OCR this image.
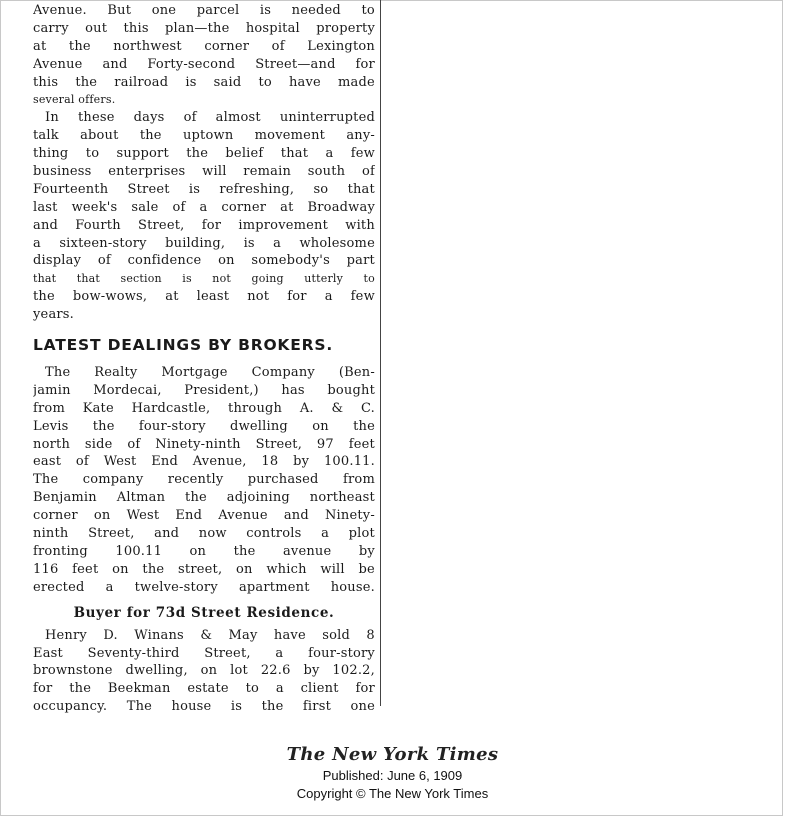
Avenue. But one parcel is needed to
carry out this plan—the hospital property
at the northwest corner of Lexington
Avenue and Forty-second Street—and for
this the railroad is said to have made
several offers.
In these days of almost uninterrupted
talk about the uptown movement any-
thing to support the belief that a few
business enterprises will remain south of
Fourteenth Street is refreshing, so that
last week's sale of a corner at Broadway
and Fourth Street, for improvement with
a sixteen-story building, is a wholesome
display of confidence on somebody's part
that that section is not going utterly to
the bow-wows, at least not for a few
years.
LATEST DEALINGS BY BROKERS.
The Realty Mortgage Company (Ben-
jamin Mordecai, President,) has bought
from Kate Hardcastle, through A. & C.
Levis the four-story dwelling on the
north side of Ninety-ninth Street, 97 feet
east of West End Avenue, 18 by 100.11.
The company recently purchased from
Benjamin Altman the adjoining northeast
corner on West End Avenue and Ninety-
ninth Street, and now controls a plot
fronting 100.11 on the avenue by
116 feet on the street, on which will be
erected a twelve-story apartment house.
Buyer for 73d Street Residence.
Henry D. Winans & May have sold 8
East Seventy-third Street, a four-story
brownstone dwelling, on lot 22.6 by 102.2,
for the Beekman estate to a client for
occupancy. The house is the first one
The New York Times
Published: June 6, 1909
Copyright © The New York Times
